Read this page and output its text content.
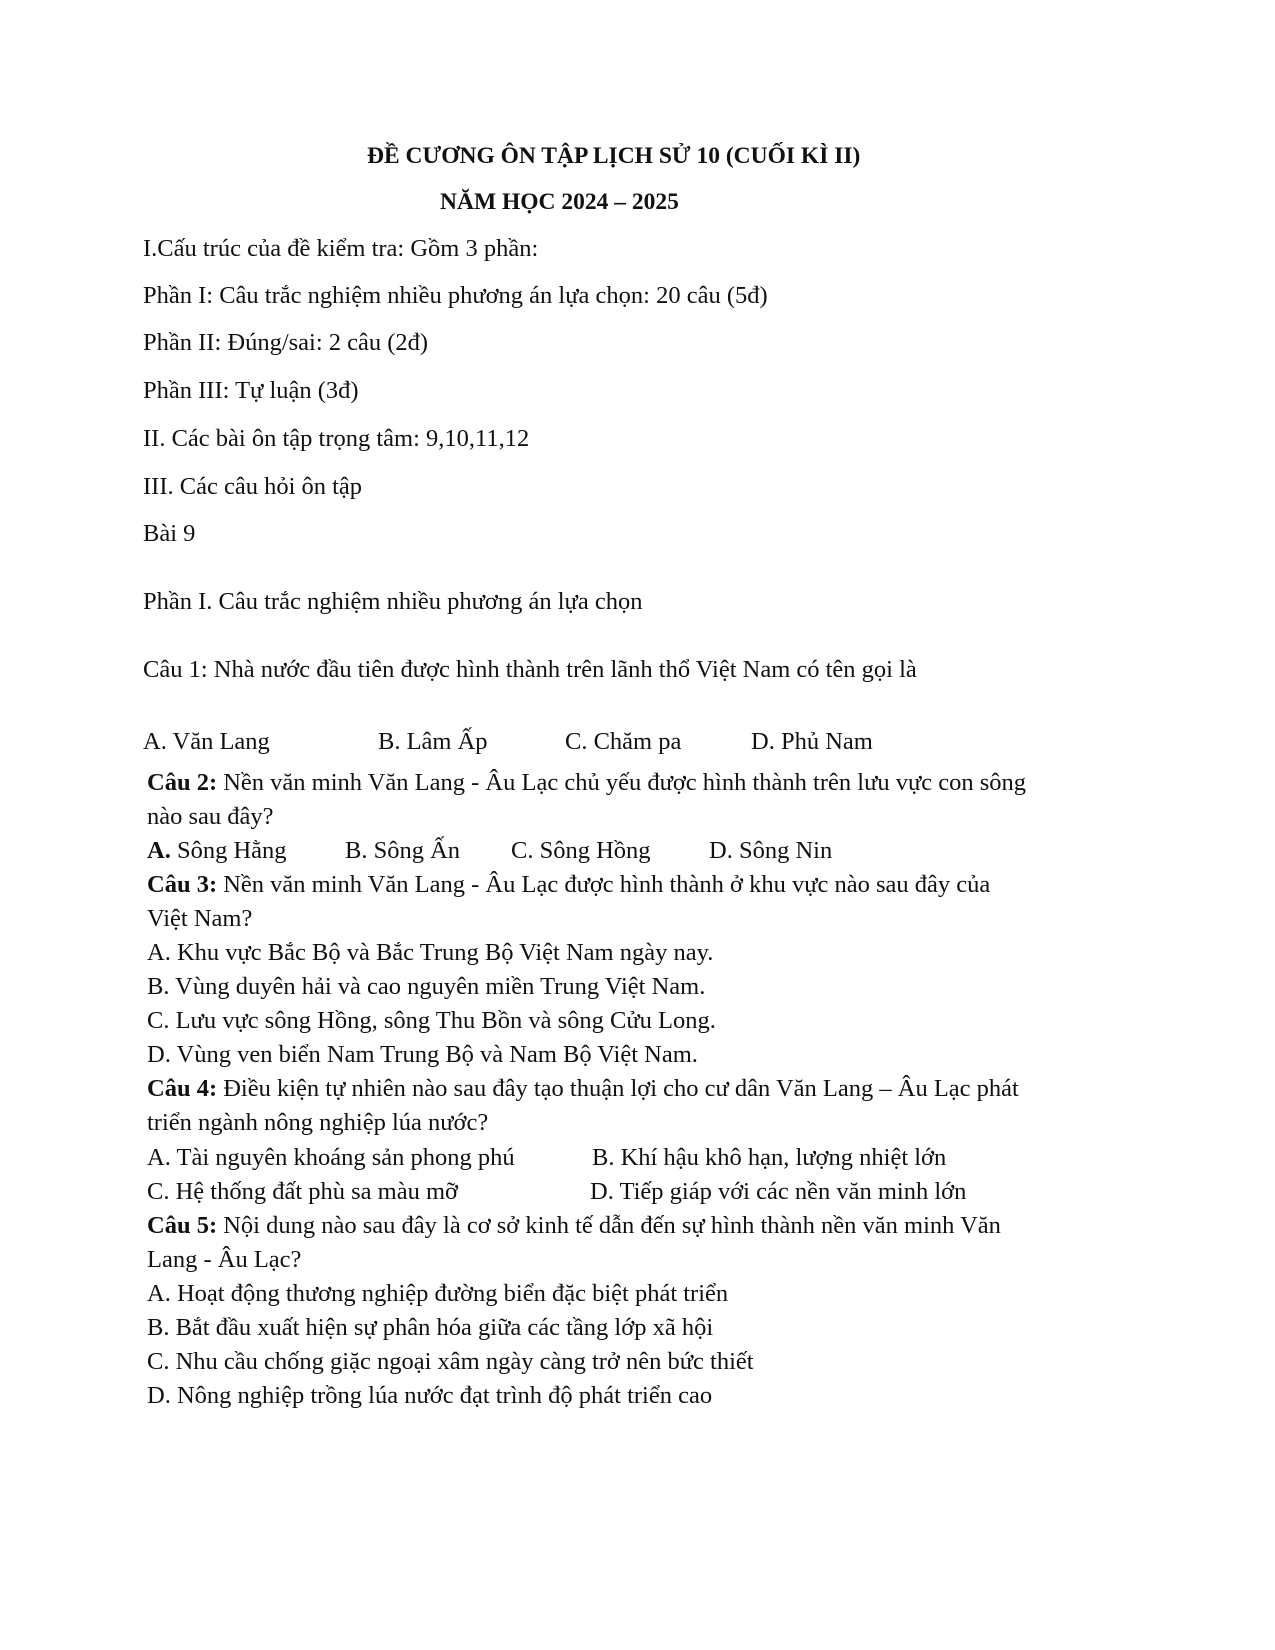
ĐỀ CƯƠNG ÔN TẬP LỊCH SỬ 10 (CUỐI KÌ II)
NĂM HỌC 2024 – 2025
I.Cấu trúc của đề kiểm tra: Gồm 3 phần:
Phần I: Câu trắc nghiệm nhiều phương án lựa chọn: 20 câu (5đ)
Phần II: Đúng/sai: 2 câu (2đ)
Phần III: Tự luận (3đ)
II. Các bài ôn tập trọng tâm: 9,10,11,12
III. Các câu hỏi ôn tập
Bài 9
Phần I. Câu trắc nghiệm nhiều phương án lựa chọn
Câu 1: Nhà nước đầu tiên được hình thành trên lãnh thổ Việt Nam có tên gọi là
A. Văn Lang	B. Lâm Ấp	C. Chăm pa	D. Phủ Nam
Câu 2: Nền văn minh Văn Lang - Âu Lạc chủ yếu được hình thành trên lưu vực con sông
nào sau đây?
A. Sông Hằng B. Sông Ấn C. Sông Hồng D. Sông Nin
Câu 3: Nền văn minh Văn Lang - Âu Lạc được hình thành ở khu vực nào sau đây của
Việt Nam?
A. Khu vực Bắc Bộ và Bắc Trung Bộ Việt Nam ngày nay.
B. Vùng duyên hải và cao nguyên miền Trung Việt Nam.
C. Lưu vực sông Hồng, sông Thu Bồn và sông Cửu Long.
D. Vùng ven biển Nam Trung Bộ và Nam Bộ Việt Nam.
Câu 4: Điều kiện tự nhiên nào sau đây tạo thuận lợi cho cư dân Văn Lang – Âu Lạc phát
triển ngành nông nghiệp lúa nước?
A. Tài nguyên khoáng sản phong phú	B. Khí hậu khô hạn, lượng nhiệt lớn
C. Hệ thống đất phù sa màu mỡ	D. Tiếp giáp với các nền văn minh lớn
Câu 5: Nội dung nào sau đây là cơ sở kinh tế dẫn đến sự hình thành nền văn minh Văn
Lang - Âu Lạc?
A. Hoạt động thương nghiệp đường biển đặc biệt phát triển
B. Bắt đầu xuất hiện sự phân hóa giữa các tầng lớp xã hội
C. Nhu cầu chống giặc ngoại xâm ngày càng trở nên bức thiết
D. Nông nghiệp trồng lúa nước đạt trình độ phát triển cao
